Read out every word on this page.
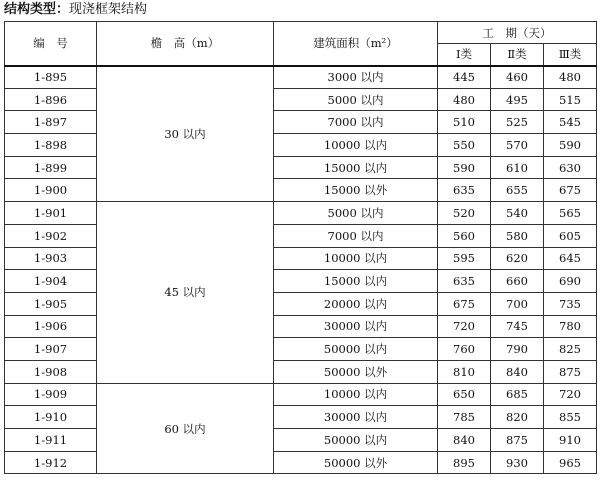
结构类型：现浇框架结构
编　号	檐　高（m）	建筑面积（m²）	工　期（天）		
			Ⅰ类	Ⅱ类	Ⅲ类
1-895	30 以内	3000 以内	445	460	480
1-896		5000 以内	480	495	515
1-897		7000 以内	510	525	545
1-898		10000 以内	550	570	590
1-899		15000 以内	590	610	630
1-900		15000 以外	635	655	675
1-901	45 以内	5000 以内	520	540	565
1-902		7000 以内	560	580	605
1-903		10000 以内	595	620	645
1-904		15000 以内	635	660	690
1-905		20000 以内	675	700	735
1-906		30000 以内	720	745	780
1-907		50000 以内	760	790	825
1-908		50000 以外	810	840	875
1-909	60 以内	10000 以内	650	685	720
1-910		30000 以内	785	820	855
1-911		50000 以内	840	875	910
1-912		50000 以外	895	930	965
